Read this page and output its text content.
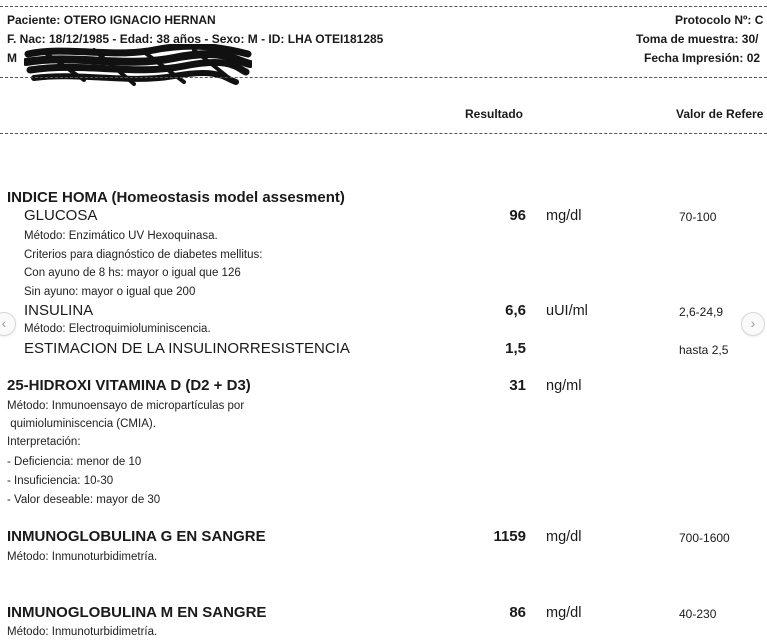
Paciente: OTERO IGNACIO HERNAN
F. Nac: 18/12/1985 - Edad: 38 años - Sexo: M - ID: LHA OTEI181285
M
Protocolo Nº: C
Toma de muestra: 30/
Fecha Impresión: 02
Resultado	Valor de Refere
INDICE HOMA (Homeostasis model assesment)
GLUCOSA	96 mg/dl	70-100
Método: Enzimático UV Hexoquinasa.
Criterios para diagnóstico de diabetes mellitus:
Con ayuno de 8 hs: mayor o igual que 126
Sin ayuno: mayor o igual que 200
INSULINA	6,6 uUI/ml	2,6-24,9
Método: Electroquimioluminiscencia.
ESTIMACION DE LA INSULINORRESISTENCIA	1,5	hasta 2,5
25-HIDROXI VITAMINA D (D2 + D3)	31 ng/ml
Método: Inmunoensayo de micropartículas por
quimioluminiscencia (CMIA).
Interpretación:
- Deficiencia: menor de 10
- Insuficiencia: 10-30
- Valor deseable: mayor de 30
INMUNOGLOBULINA G EN SANGRE	1159 mg/dl	700-1600
Método: Inmunoturbidimetría.
INMUNOGLOBULINA M EN SANGRE	86 mg/dl	40-230
Método: Inmunoturbidimetría.
‹	›
